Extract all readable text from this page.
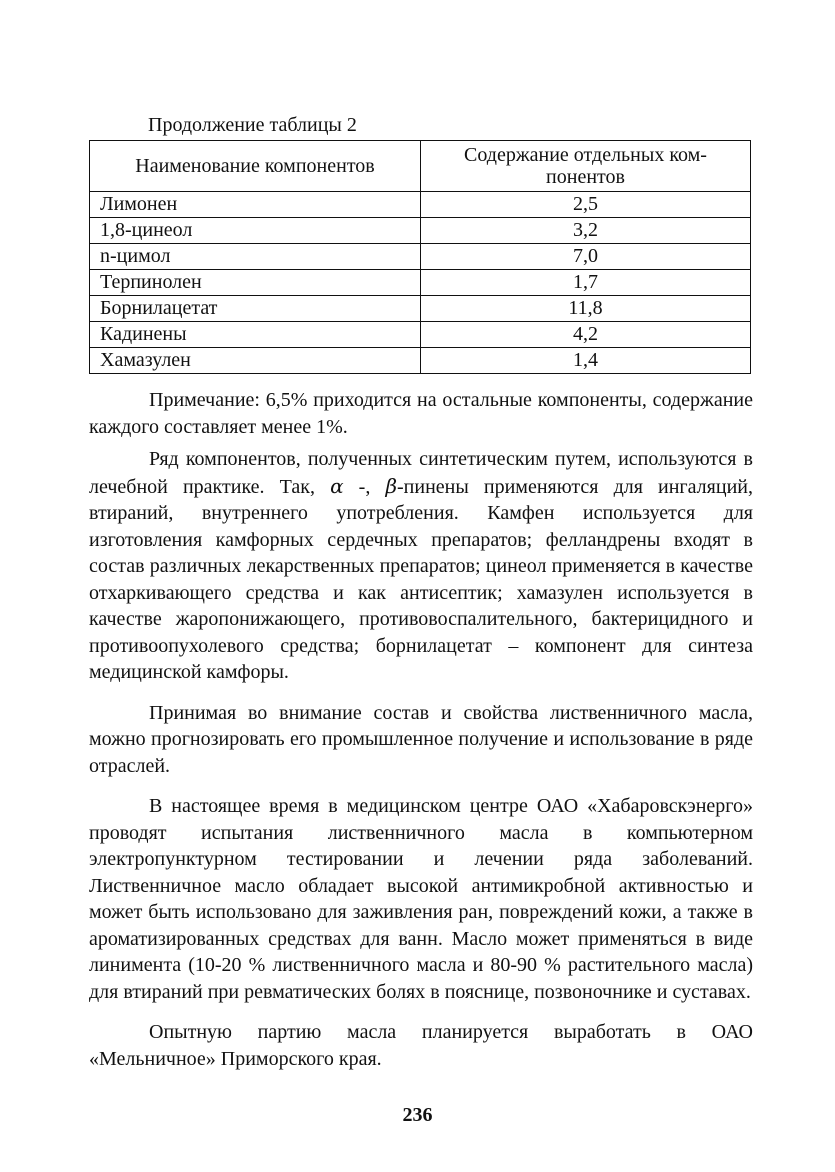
Продолжение таблицы 2
Наименование компонентов	Содержание отдельных ком-
понентов
Лимонен	2,5
1,8-цинеол	3,2
n-цимол	7,0
Терпинолен	1,7
Борнилацетат	11,8
Кадинены	4,2
Хамазулен	1,4

Примечание: 6,5% приходится на остальные компоненты, содержание каждого составляет менее 1%.

Ряд компонентов, полученных синтетическим путем, используются в лечебной практике. Так, α -, β-пинены применяются для ингаляций, втираний, внутреннего употребления. Камфен используется для изготовления камфорных сердечных препаратов; фелландрены входят в состав различных лекарственных препаратов; цинеол применяется в качестве отхаркивающего средства и как антисептик; хамазулен используется в качестве жаропонижающего, противовоспалительного, бактерицидного и противоопухолевого средства; борнилацетат – компонент для синтеза медицинской камфоры.

Принимая во внимание состав и свойства лиственничного масла, можно прогнозировать его промышленное получение и использование в ряде отраслей.

В настоящее время в медицинском центре ОАО «Хабаровскэнерго» проводят испытания лиственничного масла в компьютерном электропунктурном тестировании и лечении ряда заболеваний. Лиственничное масло обладает высокой антимикробной активностью и может быть использовано для заживления ран, повреждений кожи, а также в ароматизированных средствах для ванн. Масло может применяться в виде линимента (10-20 % лиственничного масла и 80-90 % растительного масла) для втираний при ревматических болях в пояснице, позвоночнике и суставах.

Опытную партию масла планируется выработать в ОАО «Мельничное» Приморского края.

236
